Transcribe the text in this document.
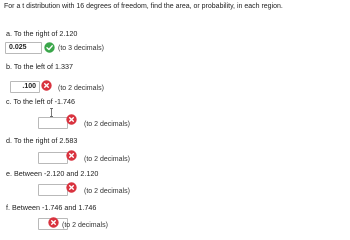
For a t distribution with 16 degrees of freedom, find the area, or probability, in each region.
a. To the right of 2.120
0.025	(to 3 decimals)
b. To the left of 1.337
.100	(to 2 decimals)
c. To the left of -1.746
(to 2 decimals)
d. To the right of 2.583
(to 2 decimals)
e. Between -2.120 and 2.120
(to 2 decimals)
f. Between -1.746 and 1.746
(to 2 decimals)
